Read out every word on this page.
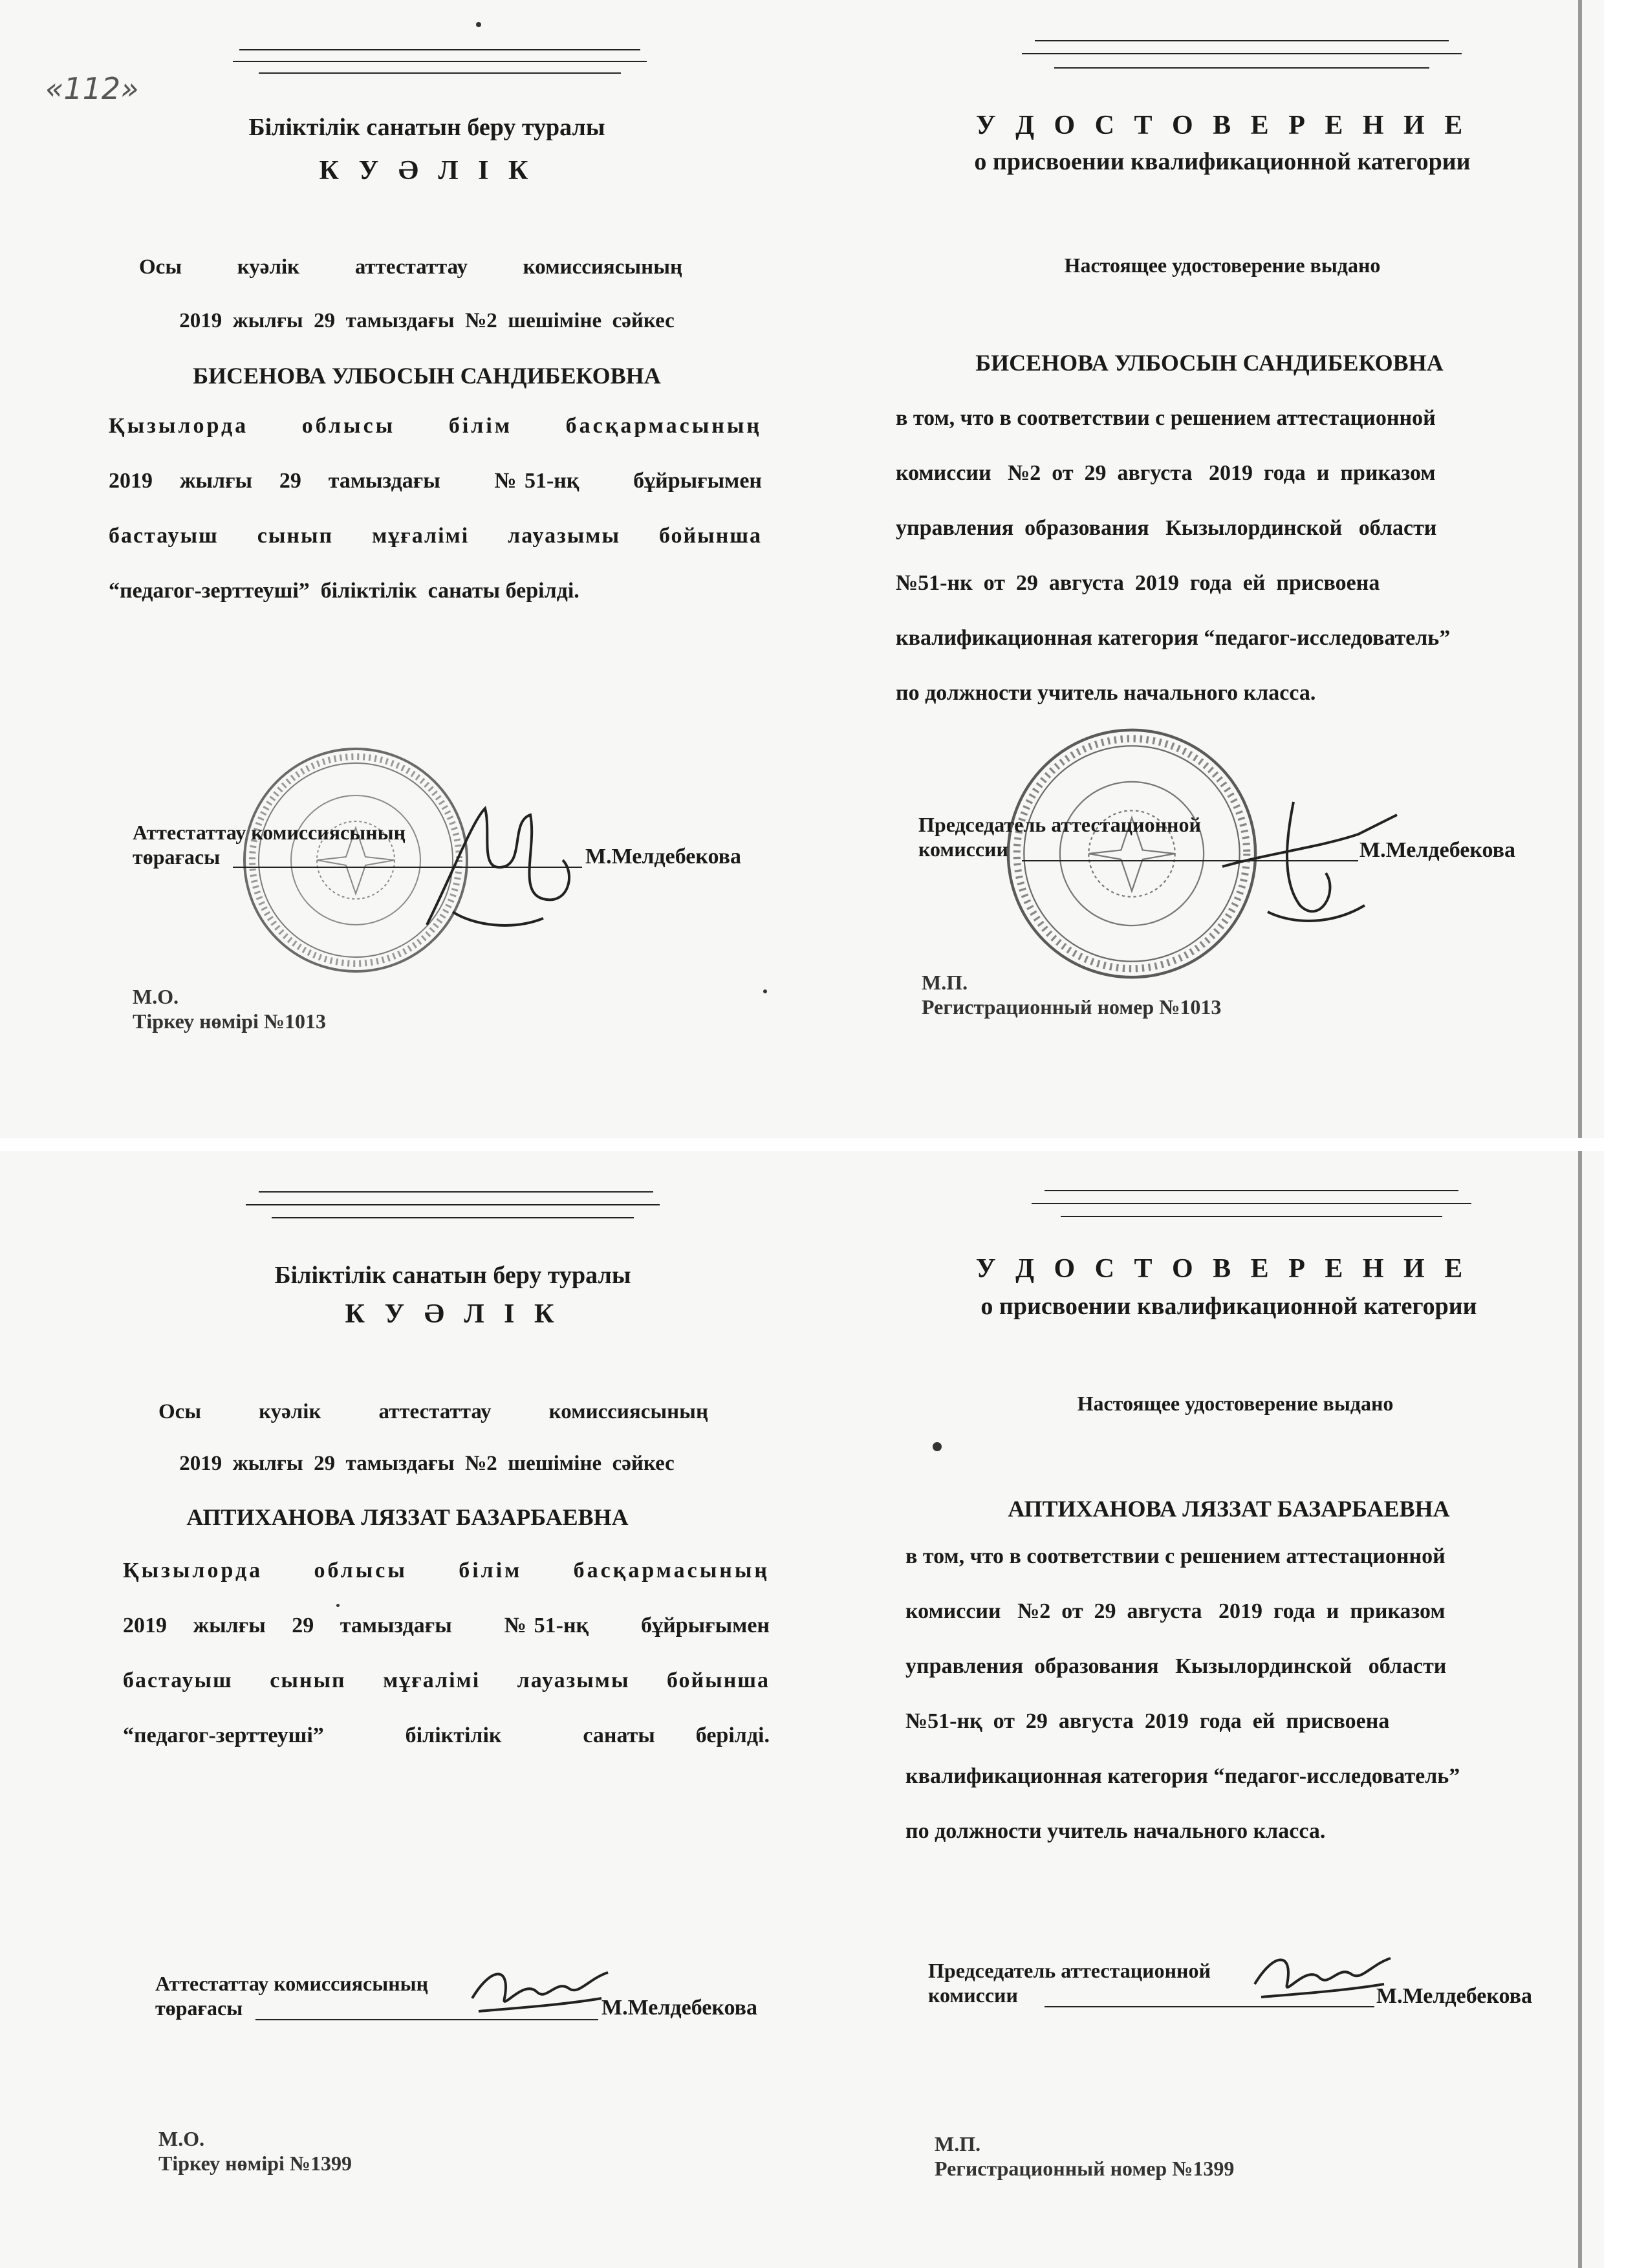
«112»
Біліктілік санатын беру туралы
К У Ә Л І К
Осы	куәлік	аттестаттау	комиссиясының
2019  жылғы  29  тамыздағы  №2  шешіміне  сәйкес
БИСЕНОВА УЛБОСЫН САНДИБЕКОВНА
Қызылорда  облысы  білім  басқармасының
2019  жылғы  29  тамыздағы    №51-нқ    бұйрығымен
бастауыш  сынып  мұғалімі  лауазымы  бойынша
“педагог-зерттеуші”  біліктілік  санаты берілді.
Аттестаттау комиссиясының
төрағасы	М.Мелдебекова
М.О.
Тіркеу нөмірі №1013
У Д О С Т О В Е Р Е Н И Е
о присвоении квалификационной категории
Настоящее удостоверение выдано
БИСЕНОВА УЛБОСЫН САНДИБЕКОВНА
в том, что в соответствии с решением аттестационной
комиссии   №2  от  29  августа   2019  года  и  приказом
управления  образования   Кызылординской   области
№51-нк  от  29  августа  2019  года  ей  присвоена
квалификационная категория “педагог-исследователь”
по должности учитель начального класса.
Председатель аттестационной
комиссии	М.Мелдебекова
М.П.
Регистрационный номер №1013
Біліктілік санатын беру туралы
К У Ә Л І К
Осы	куәлік	аттестаттау	комиссиясының
2019  жылғы  29  тамыздағы  №2  шешіміне  сәйкес
АПТИХАНОВА ЛЯЗЗАТ БАЗАРБАЕВНА
Қызылорда  облысы  білім  басқармасының
2019  жылғы  29  тамыздағы    №51-нқ    бұйрығымен
бастауыш  сынып  мұғалімі  лауазымы  бойынша
“педагог-зерттеуші”    біліктілік    санаты  берілді.
Аттестаттау комиссиясының
төрағасы	М.Мелдебекова
М.О.
Тіркеу нөмірі №1399
У Д О С Т О В Е Р Е Н И Е
о присвоении квалификационной категории
Настоящее удостоверение выдано
АПТИХАНОВА ЛЯЗЗАТ БАЗАРБАЕВНА
в том, что в соответствии с решением аттестационной
комиссии   №2  от  29  августа   2019  года  и  приказом
управления  образования   Кызылординской   области
№51-нқ  от  29  августа  2019  года  ей  присвоена
квалификационная категория “педагог-исследователь”
по должности учитель начального класса.
Председатель аттестационной
комиссии	М.Мелдебекова
М.П.
Регистрационный номер №1399
